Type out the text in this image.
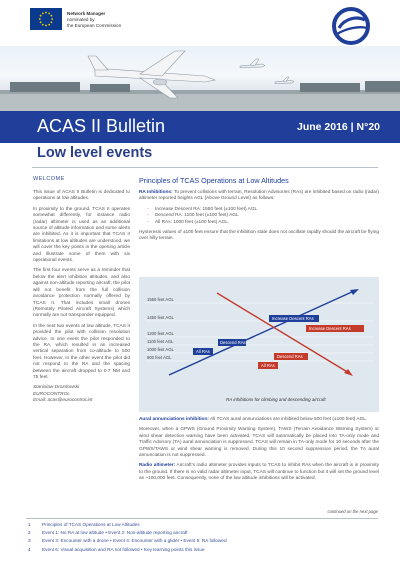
Network Manager
nominated by
the European Commission
ACAS II Bulletin	June 2016 | N°20
Low level events
WELCOME

This issue of ACAS II Bulletin is dedicated to operations at low altitudes.

In proximity to the ground, TCAS II operates somewhat differently, for instance radio (radar) altimeter is used as an additional source of altitude information and some alerts are inhibited. As it is important that TCAS II limitations at low altitudes are understood, we will cover the key points in the opening article and illustrate some of them with six operational events.

The first four events serve as a reminder that below the alert inhibition altitudes, and also against non-altitude reporting aircraft, the pilot will not benefit from the full collision avoidance protection normally offered by TCAS II. That includes small drones (Remotely Piloted Aircraft Systems) which normally are not transponder equipped.

In the next two events at low altitude, TCAS II provided the pilot with collision resolution advice. In one event the pilot responded to the RA, which resulted in an increased vertical separation from co-altitude to 500 feet. However, in the other event the pilot did not respond to the RA and the spacing between the aircraft dropped to 0.7 NM and 75 feet.

Stanislaw Drozdowski
EUROCONTROL
Email: acas@eurocontrol.int
Principles of TCAS Operations at Low Altitudes

RA Inhibitions: To prevent collisions with terrain, Resolution Advisories (RAs) are inhibited based on radio (radar) altimeter reported heights AGL (Above Ground Level) as follows:

- Increase Descent RA: 1550 feet (±100 feet) AGL
- Descend RA: 1100 feet (±100 feet) AGL
- All RAs: 1000 feet (±100 feet) AGL.

Hysteresis values of ±100 feet ensure that the inhibition state does not oscillate rapidly should the aircraft be flying over hilly terrain.

1550 feet AGL
1450 feet AGL
1200 feet AGL
1100 feet AGL
1000 feet AGL
900 feet AGL
All RAs
Descend RAs
Increase Descent RAs
Increase Descent RAs
Descend RAs
All RAs
RA inhibitions for climbing and descending aircraft

Aural annunciations inhibition: All TCAS aural annunciations are inhibited below 500 feet (±100 feet) AGL.

Moreover, when a GPWS (Ground Proximity Warning System), TAWS (Terrain Avoidance Warning System) or wind shear detection warning have been activated, TCAS will automatically be placed into TA-only mode and Traffic Advisory (TA) aural annunciation is suppressed. TCAS will remain in TA-only mode for 10 seconds after the GPWS/TAWS or wind shear warning is removed. During this 10 second suppression period, the TA aural annunciation is not suppressed.

Radio altimeter: Aircraft’s radio altimeter provides inputs to TCAS to inhibit RAs when the aircraft is in proximity to the ground. If there is no valid radar altimeter input, TCAS will continue to function but it will set the ground level as ~100,000 feet. Consequently, none of the low altitude inhibitions will be activated.

continued on the next page
1 Principles of TCAS Operations at Low Altitudes
2 Event 1: No RA at low altitude • Event 2: Non-altitude reporting aircraft
3 Event 3: Encounter with a drone • Event 4: Encounter with a glider • Event 5: RA followed
4 Event 6: Visual acquisition and RA not followed • Key learning points this issue
